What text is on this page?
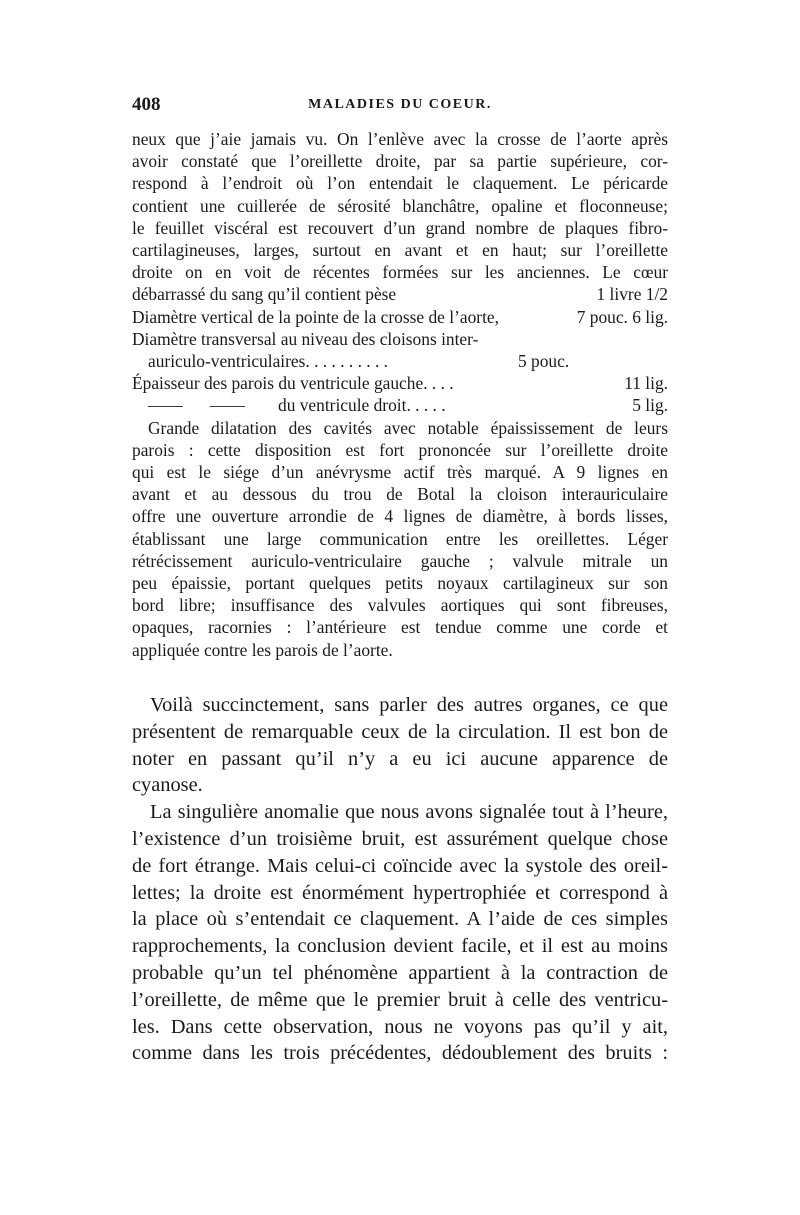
408	MALADIES DU COEUR.
neux que j’aie jamais vu. On l’enlève avec la crosse de l’aorte après
avoir constaté que l’oreillette droite, par sa partie supérieure, cor-
respond à l’endroit où l’on entendait le claquement. Le péricarde
contient une cuillerée de sérosité blanchâtre, opaline et floconneuse;
le feuillet viscéral est recouvert d’un grand nombre de plaques fibro-
cartilagineuses, larges, surtout en avant et en haut; sur l’oreillette
droite on en voit de récentes formées sur les anciennes. Le cœur
débarrassé du sang qu’il contient pèse	1 livre 1/2
Diamètre vertical de la pointe de la crosse de l’aorte,	7 pouc. 6 lig.
Diamètre transversal au niveau des cloisons inter-
auriculo-ventriculaires. . . . . . . . . .	5 pouc.
Épaisseur des parois du ventricule gauche. . . .	11 lig.
—— —— du ventricule droit. . . . .	5 lig.
Grande dilatation des cavités avec notable épaississement de leurs
parois : cette disposition est fort prononcée sur l’oreillette droite
qui est le siége d’un anévrysme actif très marqué. A 9 lignes en
avant et au dessous du trou de Botal la cloison interauriculaire
offre une ouverture arrondie de 4 lignes de diamètre, à bords lisses,
établissant une large communication entre les oreillettes. Léger
rétrécissement auriculo-ventriculaire gauche ; valvule mitrale un
peu épaissie, portant quelques petits noyaux cartilagineux sur son
bord libre; insuffisance des valvules aortiques qui sont fibreuses,
opaques, racornies : l’antérieure est tendue comme une corde et
appliquée contre les parois de l’aorte.
Voilà succinctement, sans parler des autres organes, ce que
présentent de remarquable ceux de la circulation. Il est bon de
noter en passant qu’il n’y a eu ici aucune apparence de
cyanose.
La singulière anomalie que nous avons signalée tout à l’heure,
l’existence d’un troisième bruit, est assurément quelque chose
de fort étrange. Mais celui-ci coïncide avec la systole des oreil-
lettes; la droite est énormément hypertrophiée et correspond à
la place où s’entendait ce claquement. A l’aide de ces simples
rapprochements, la conclusion devient facile, et il est au moins
probable qu’un tel phénomène appartient à la contraction de
l’oreillette, de même que le premier bruit à celle des ventricu-
les. Dans cette observation, nous ne voyons pas qu’il y ait,
comme dans les trois précédentes, dédoublement des bruits :
